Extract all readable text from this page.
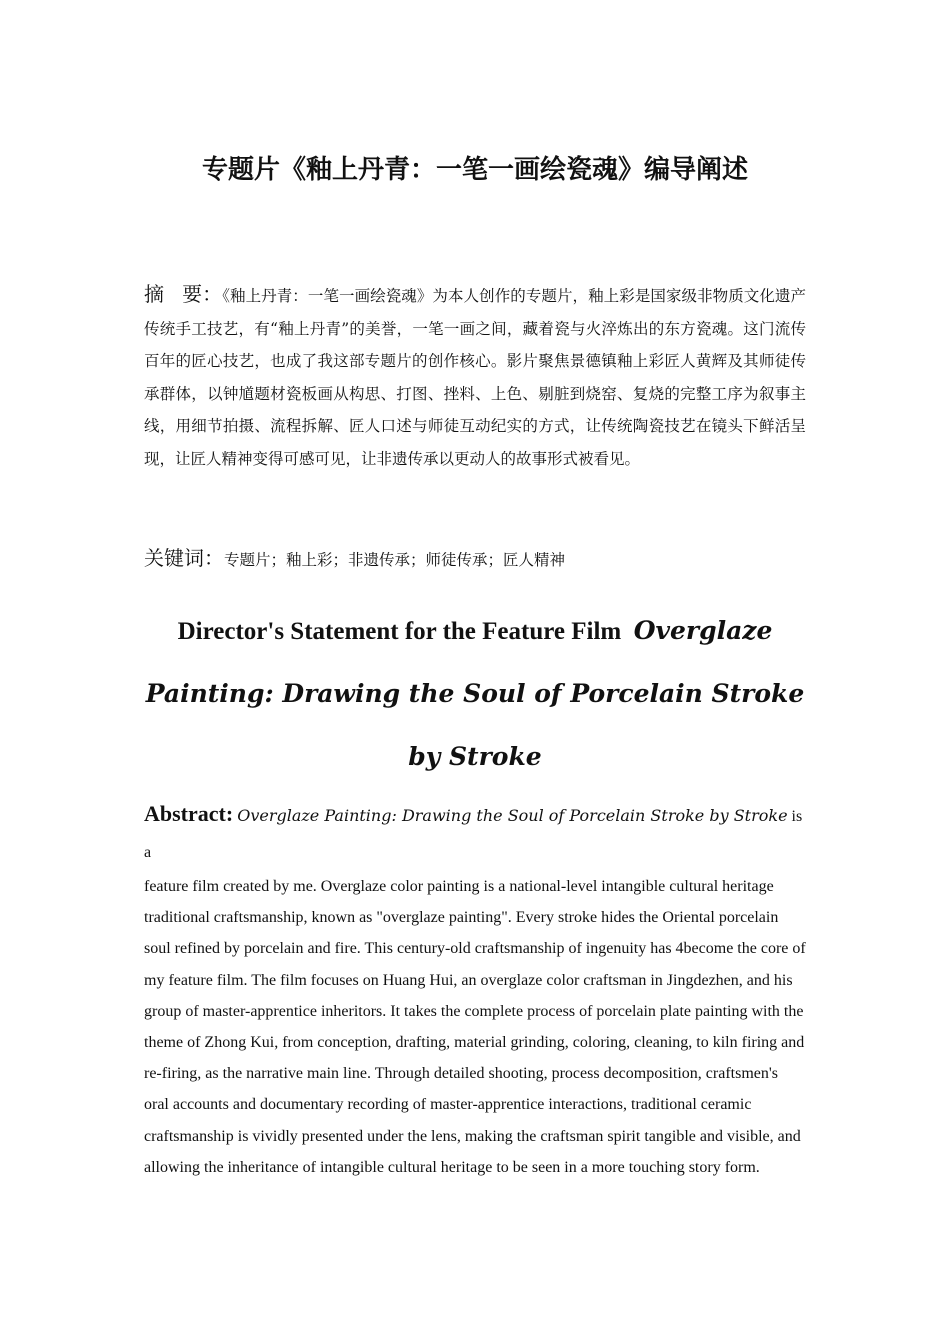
专题片《釉上丹青：一笔一画绘瓷魂》编导阐述

摘要：《釉上丹青：一笔一画绘瓷魂》为本人创作的专题片，釉上彩是国家级非物质文化遗产传统手工技艺，有“釉上丹青”的美誉，一笔一画之间，藏着瓷与火淬炼出的东方瓷魂。这门流传百年的匠心技艺，也成了我这部专题片的创作核心。影片聚焦景德镇釉上彩匠人黄辉及其师徒传承群体，以钟馗题材瓷板画从构思、打图、挫料、上色、剔脏到烧窑、复烧的完整工序为叙事主线，用细节拍摄、流程拆解、匠人口述与师徒互动纪实的方式，让传统陶瓷技艺在镜头下鲜活呈现，让匠人精神变得可感可见，让非遗传承以更动人的故事形式被看见。

关键词：专题片；釉上彩；非遗传承；师徒传承；匠人精神

Director's Statement for the Feature Film Overglaze Painting: Drawing the Soul of Porcelain Stroke by Stroke
Abstract: Overglaze Painting: Drawing the Soul of Porcelain Stroke by Stroke is a
feature film created by me. Overglaze color painting is a national-level intangible cultural heritage traditional craftsmanship, known as "overglaze painting". Every stroke hides the Oriental porcelain soul refined by porcelain and fire. This century-old craftsmanship of ingenuity has 4become the core of my feature film. The film focuses on Huang Hui, an overglaze color craftsman in Jingdezhen, and his group of master-apprentice inheritors. It takes the complete process of porcelain plate painting with the theme of Zhong Kui, from conception, drafting, material grinding, coloring, cleaning, to kiln firing and re-firing, as the narrative main line. Through detailed shooting, process decomposition, craftsmen's oral accounts and documentary recording of master-apprentice interactions, traditional ceramic craftsmanship is vividly presented under the lens, making the craftsman spirit tangible and visible, and allowing the inheritance of intangible cultural heritage to be seen in a more touching story form.
